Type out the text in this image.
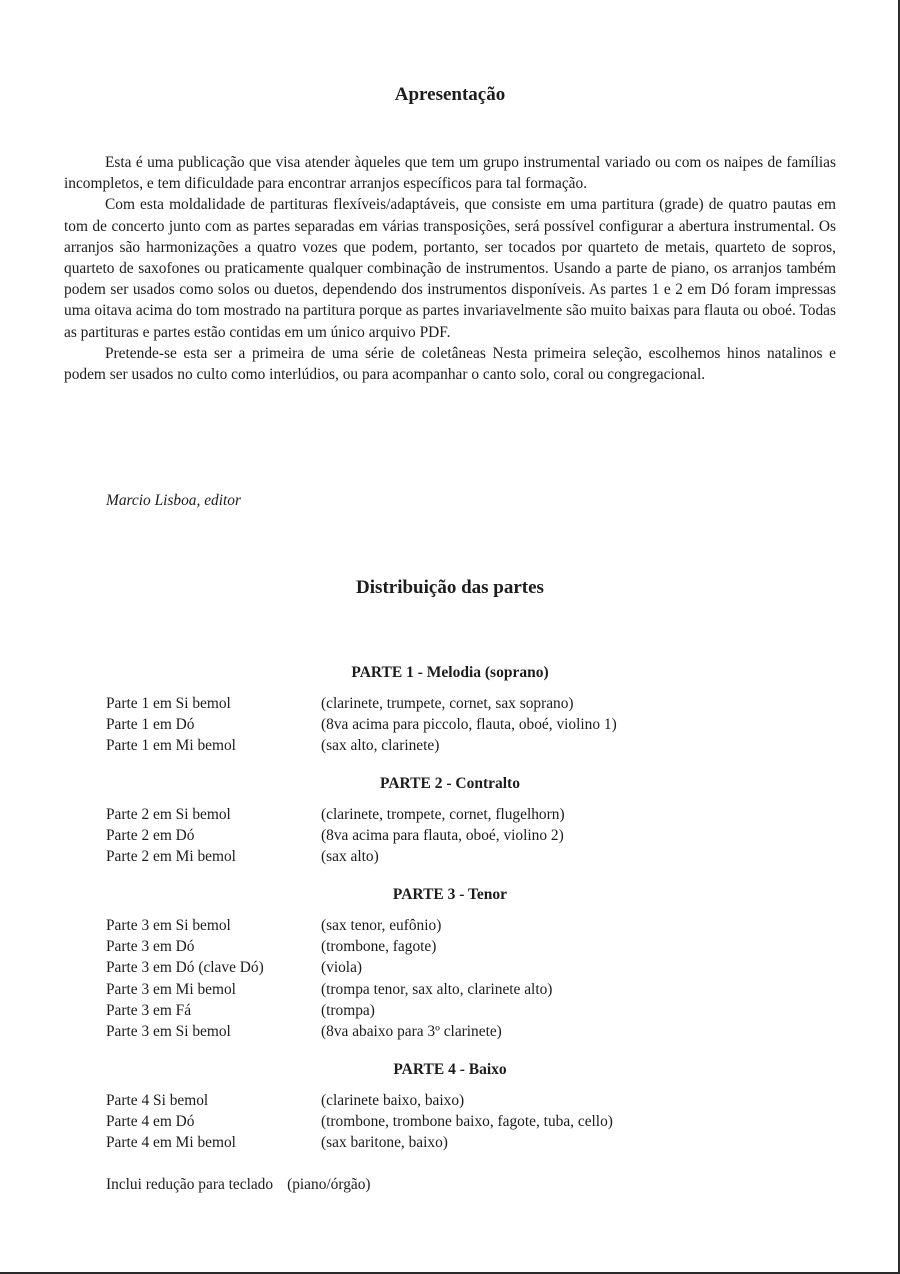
Apresentação

Esta é uma publicação que visa atender àqueles que tem um grupo instrumental variado ou com os naipes de famílias incompletos, e tem dificuldade para encontrar arranjos específicos para tal formação.

Com esta moldalidade de partituras flexíveis/adaptáveis, que consiste em uma partitura (grade) de quatro pautas em tom de concerto junto com as partes separadas em várias transposições, será possível configurar a abertura instrumental. Os arranjos são harmonizações a quatro vozes que podem, portanto, ser tocados por quarteto de metais, quarteto de sopros, quarteto de saxofones ou praticamente qualquer combinação de instrumentos. Usando a parte de piano, os arranjos também podem ser usados como solos ou duetos, dependendo dos instrumentos disponíveis. As partes 1 e 2 em Dó foram impressas uma oitava acima do tom mostrado na partitura porque as partes invariavelmente são muito baixas para flauta ou oboé. Todas as partituras e partes estão contidas em um único arquivo PDF.

Pretende-se esta ser a primeira de uma série de coletâneas Nesta primeira seleção, escolhemos hinos natalinos e podem ser usados no culto como interlúdios, ou para acompanhar o canto solo, coral ou congregacional.

Marcio Lisboa, editor
Distribuição das partes
PARTE 1 - Melodia (soprano)
Parte 1 em Si bemol	(clarinete, trumpete, cornet, sax soprano)
Parte 1 em Dó	(8va acima para piccolo, flauta, oboé, violino 1)
Parte 1 em Mi bemol	(sax alto, clarinete)
PARTE 2 - Contralto
Parte 2 em Si bemol	(clarinete, trompete, cornet, flugelhorn)
Parte 2 em Dó	(8va acima para flauta, oboé, violino 2)
Parte 2 em Mi bemol	(sax alto)
PARTE 3 - Tenor
Parte 3 em Si bemol	(sax tenor, eufônio)
Parte 3 em Dó	(trombone, fagote)
Parte 3 em Dó (clave Dó)	(viola)
Parte 3 em Mi bemol	(trompa tenor, sax alto, clarinete alto)
Parte 3 em Fá	(trompa)
Parte 3 em Si bemol	(8va abaixo para 3º clarinete)
PARTE 4 - Baixo
Parte 4 Si bemol	(clarinete baixo, baixo)
Parte 4 em Dó	(trombone, trombone baixo, fagote, tuba, cello)
Parte 4 em Mi bemol	(sax baritone, baixo)
Inclui redução para teclado (piano/órgão)
